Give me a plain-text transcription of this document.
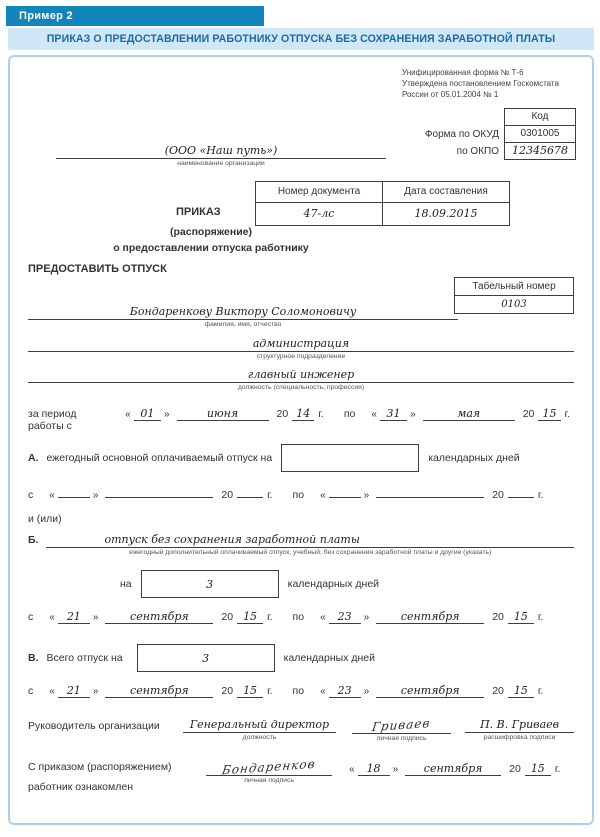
Пример 2
ПРИКАЗ О ПРЕДОСТАВЛЕНИИ РАБОТНИКУ ОТПУСКА БЕЗ СОХРАНЕНИЯ ЗАРАБОТНОЙ ПЛАТЫ
Унифицированная форма № Т-6
Утверждена постановлением Госкомстата
России от 05.01.2004 № 1
Код
Форма по ОКУД	0301005
по ОКПО	12345678
(ООО «Наш путь»)
наименование организации
ПРИКАЗ
Номер документа	Дата составления
47-лс	18.09.2015
(распоряжение)
о предоставлении отпуска работнику
ПРЕДОСТАВИТЬ ОТПУСК
Табельный номер
0103
Бондаренкову Виктору Соломоновичу
фамилия, имя, отчество
администрация
структурное подразделение
главный инженер
должность (специальность, профессия)
за период работы с
« 01 »	июня	20 14 г. по « 31 »	мая	20 15 г.
А. ежегодный основной оплачиваемый отпуск на	календарных дней
с «	»	20	г. по «	»	20	г.
и (или)
Б.	отпуск без сохранения заработной платы
ежегодный дополнительный оплачиваемый отпуск, учебный, без сохранения заработной платы и другие (указать)
на	3	календарных дней
с «	21	»	сентября	20 15 г. по «	23	»	сентября	20 15 г.
В. Всего отпуск на	3	календарных дней
с «	21	»	сентября	20 15 г. по «	23	»	сентября	20 15 г.
Руководитель организации	Генеральный директор
должность
Гриваев
личная подпись
П. В. Гриваев
расшифровка подписи
С приказом (распоряжением)
работник ознакомлен
Бондаренков
личная подпись
«	18	»	сентября	20 15 г.
